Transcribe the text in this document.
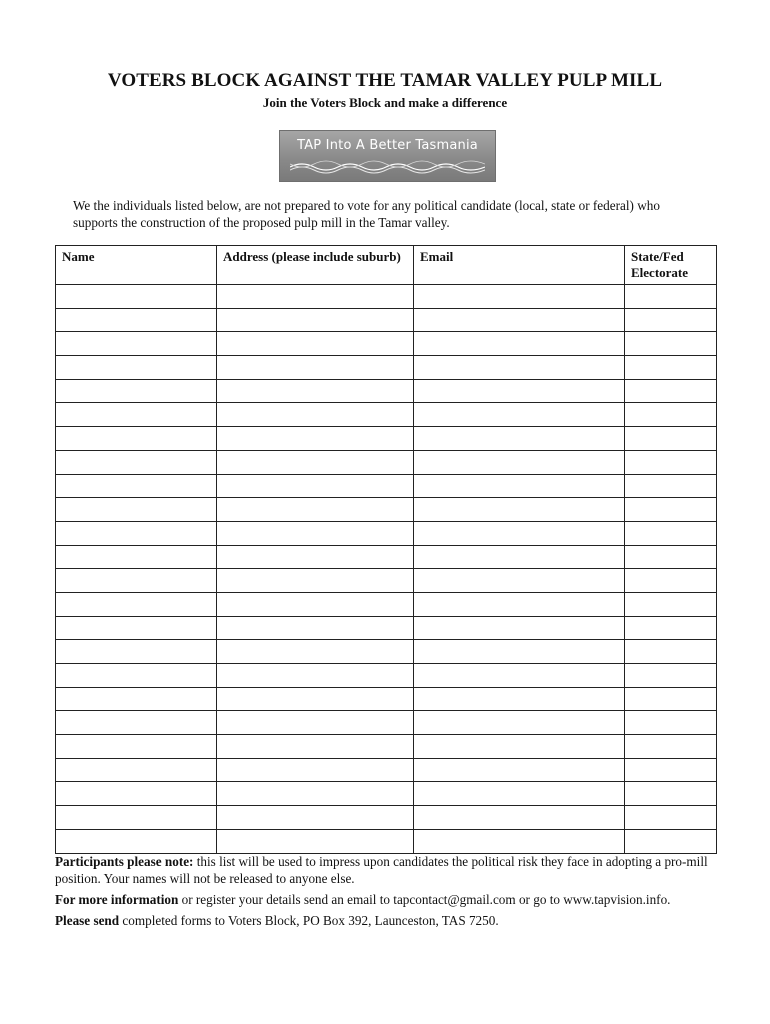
VOTERS BLOCK AGAINST THE TAMAR VALLEY PULP MILL
Join the Voters Block and make a difference
TAP Into A Better Tasmania
We the individuals listed below, are not prepared to vote for any political candidate (local, state or federal) who supports the construction of the proposed pulp mill in the Tamar valley.
Name	Address (please include suburb)	Email	State/Fed Electorate

Participants please note: this list will be used to impress upon candidates the political risk they face in adopting a pro-mill position. Your names will not be released to anyone else.

For more information or register your details send an email to tapcontact@gmail.com or go to www.tapvision.info.

Please send completed forms to Voters Block, PO Box 392, Launceston, TAS 7250.
